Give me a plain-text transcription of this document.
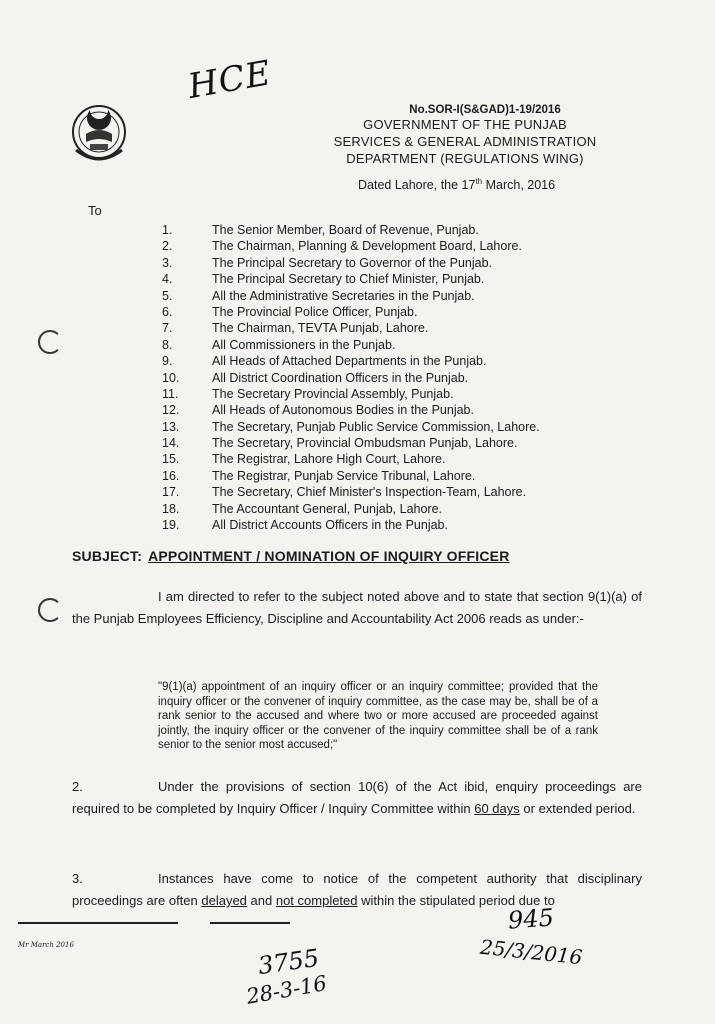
HCE
No.SOR-I(S&GAD)1-19/2016
GOVERNMENT OF THE PUNJAB
SERVICES & GENERAL ADMINISTRATION
DEPARTMENT (REGULATIONS WING)
Dated Lahore, the 17th March, 2016
To
1.	The Senior Member, Board of Revenue, Punjab.
2.	The Chairman, Planning & Development Board, Lahore.
3.	The Principal Secretary to Governor of the Punjab.
4.	The Principal Secretary to Chief Minister, Punjab.
5.	All the Administrative Secretaries in the Punjab.
6.	The Provincial Police Officer, Punjab.
7.	The Chairman, TEVTA Punjab, Lahore.
8.	All Commissioners in the Punjab.
9.	All Heads of Attached Departments in the Punjab.
10.	All District Coordination Officers in the Punjab.
11.	The Secretary Provincial Assembly, Punjab.
12.	All Heads of Autonomous Bodies in the Punjab.
13.	The Secretary, Punjab Public Service Commission, Lahore.
14.	The Secretary, Provincial Ombudsman Punjab, Lahore.
15.	The Registrar, Lahore High Court, Lahore.
16.	The Registrar, Punjab Service Tribunal, Lahore.
17.	The Secretary, Chief Minister's Inspection-Team, Lahore.
18.	The Accountant General, Punjab, Lahore.
19.	All District Accounts Officers in the Punjab.
SUBJECT: APPOINTMENT / NOMINATION OF INQUIRY OFFICER
I am directed to refer to the subject noted above and to state that section 9(1)(a) of the Punjab Employees Efficiency, Discipline and Accountability Act 2006 reads as under:-
"9(1)(a) appointment of an inquiry officer or an inquiry committee; provided that the inquiry officer or the convener of inquiry committee, as the case may be, shall be of a rank senior to the accused and where two or more accused are proceeded against jointly, the inquiry officer or the convener of the inquiry committee shall be of a rank senior to the senior most accused;"
2.	Under the provisions of section 10(6) of the Act ibid, enquiry proceedings are required to be completed by Inquiry Officer / Inquiry Committee within 60 days or extended period.
3.	Instances have come to notice of the competent authority that disciplinary proceedings are often delayed and not completed within the stipulated period due to
Mr March 2016
945
25/3/2016
3755
28-3-16
